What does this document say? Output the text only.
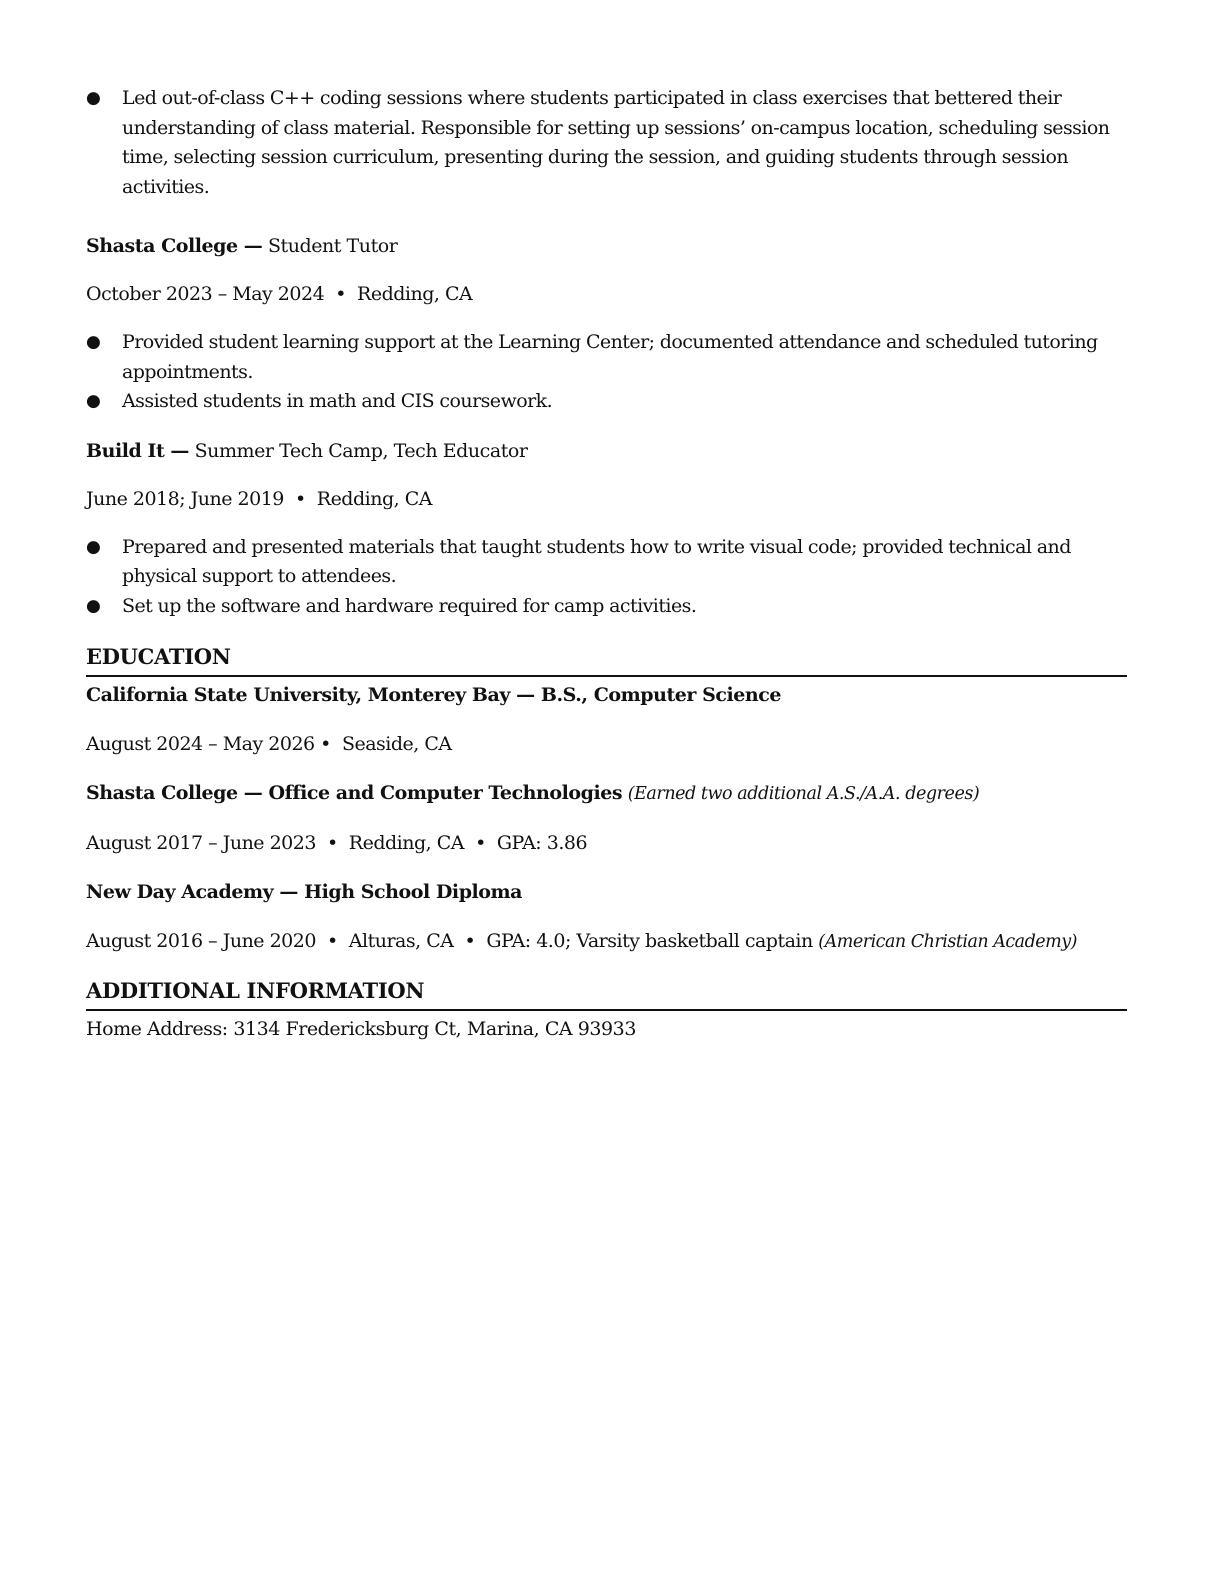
● Led out-of-class C++ coding sessions where students participated in class exercises that bettered their understanding of class material. Responsible for setting up sessions’ on-campus location, scheduling session time, selecting session curriculum, presenting during the session, and guiding students through session activities.
Shasta College — Student Tutor
October 2023 – May 2024  •  Redding, CA
● Provided student learning support at the Learning Center; documented attendance and scheduled tutoring appointments.
● Assisted students in math and CIS coursework.
Build It — Summer Tech Camp, Tech Educator
June 2018; June 2019  •  Redding, CA
● Prepared and presented materials that taught students how to write visual code; provided technical and physical support to attendees.
● Set up the software and hardware required for camp activities.
EDUCATION
California State University, Monterey Bay — B.S., Computer Science
August 2024 – May 2026 •  Seaside, CA
Shasta College — Office and Computer Technologies (Earned two additional A.S./A.A. degrees)
August 2017 – June 2023  •  Redding, CA  •  GPA: 3.86
New Day Academy — High School Diploma
August 2016 – June 2020  •  Alturas, CA  •  GPA: 4.0; Varsity basketball captain (American Christian Academy)
ADDITIONAL INFORMATION
Home Address: 3134 Fredericksburg Ct, Marina, CA 93933
